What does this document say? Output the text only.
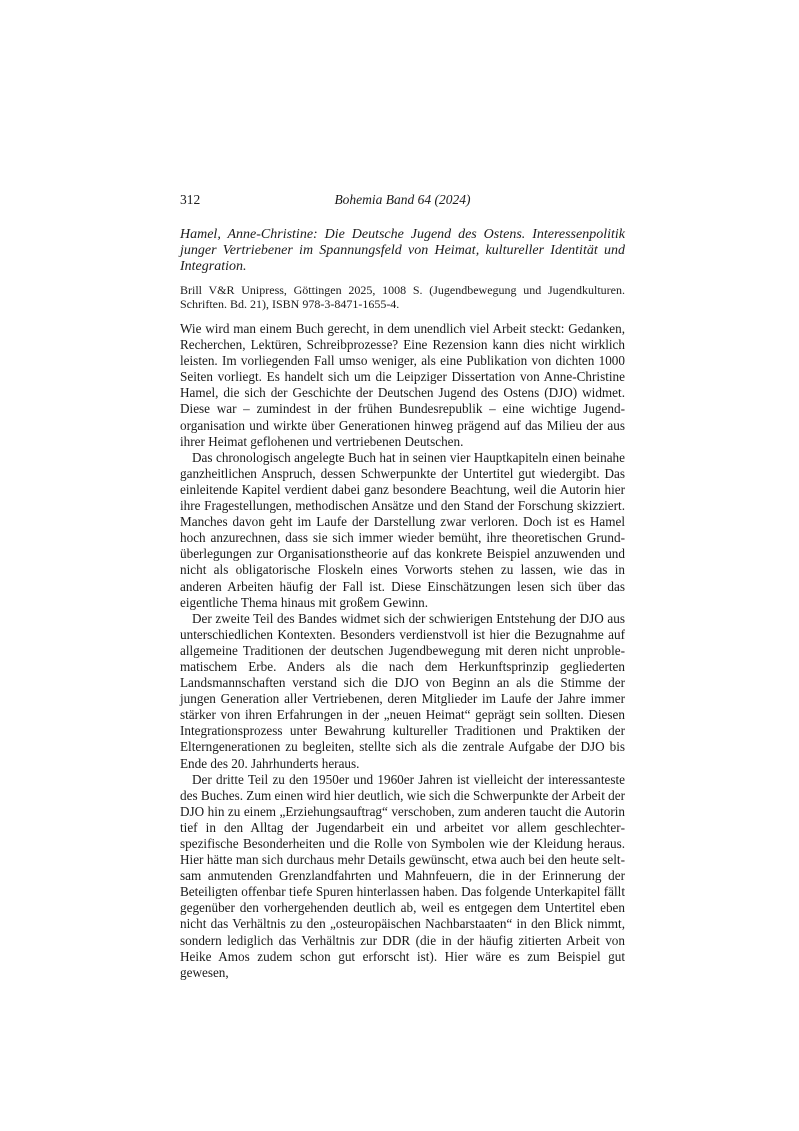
312	Bohemia Band 64 (2024)
Hamel, Anne-Christine: Die Deutsche Jugend des Ostens. Interessenpolitik junger Vertriebener im Spannungsfeld von Heimat, kultureller Identität und Integration.
Brill V&R Unipress, Göttingen 2025, 1008 S. (Jugendbewegung und Jugendkulturen. Schriften. Bd. 21), ISBN 978-3-8471-1655-4.

Wie wird man einem Buch gerecht, in dem unendlich viel Arbeit steckt: Gedanken, Recherchen, Lektüren, Schreibprozesse? Eine Rezension kann dies nicht wirklich leisten. Im vorliegenden Fall umso weniger, als eine Publikation von dichten 1000 Seiten vorliegt. Es handelt sich um die Leipziger Dissertation von Anne-Christine Hamel, die sich der Geschichte der Deutschen Jugend des Ostens (DJO) widmet. Diese war – zumindest in der frühen Bundesrepublik – eine wichtige Jugendorganisation und wirkte über Generationen hinweg prägend auf das Milieu der aus ihrer Heimat geflohenen und vertriebenen Deutschen.

Das chronologisch angelegte Buch hat in seinen vier Hauptkapiteln einen beinahe ganzheitlichen Anspruch, dessen Schwerpunkte der Untertitel gut wiedergibt. Das einleitende Kapitel verdient dabei ganz besondere Beachtung, weil die Autorin hier ihre Fragestellungen, methodischen Ansätze und den Stand der Forschung skizziert. Manches davon geht im Laufe der Darstellung zwar verloren. Doch ist es Hamel hoch anzurechnen, dass sie sich immer wieder bemüht, ihre theoretischen Grundüberlegungen zur Organisationstheorie auf das konkrete Beispiel anzuwenden und nicht als obligatorische Floskeln eines Vorworts stehen zu lassen, wie das in anderen Arbeiten häufig der Fall ist. Diese Einschätzungen lesen sich über das eigentliche Thema hinaus mit großem Gewinn.

Der zweite Teil des Bandes widmet sich der schwierigen Entstehung der DJO aus unterschiedlichen Kontexten. Besonders verdienstvoll ist hier die Bezugnahme auf allgemeine Traditionen der deutschen Jugendbewegung mit deren nicht unproblematischem Erbe. Anders als die nach dem Herkunftsprinzip gegliederten Landsmannschaften verstand sich die DJO von Beginn an als die Stimme der jungen Generation aller Vertriebenen, deren Mitglieder im Laufe der Jahre immer stärker von ihren Erfahrungen in der „neuen Heimat“ geprägt sein sollten. Diesen Integrationsprozess unter Bewahrung kultureller Traditionen und Praktiken der Elterngenerationen zu begleiten, stellte sich als die zentrale Aufgabe der DJO bis Ende des 20. Jahrhunderts heraus.

Der dritte Teil zu den 1950er und 1960er Jahren ist vielleicht der interessanteste des Buches. Zum einen wird hier deutlich, wie sich die Schwerpunkte der Arbeit der DJO hin zu einem „Erziehungsauftrag“ verschoben, zum anderen taucht die Autorin tief in den Alltag der Jugendarbeit ein und arbeitet vor allem geschlechterspezifische Besonderheiten und die Rolle von Symbolen wie der Kleidung heraus. Hier hätte man sich durchaus mehr Details gewünscht, etwa auch bei den heute seltsam anmutenden Grenzlandfahrten und Mahnfeuern, die in der Erinnerung der Beteiligten offenbar tiefe Spuren hinterlassen haben. Das folgende Unterkapitel fällt gegenüber den vorhergehenden deutlich ab, weil es entgegen dem Untertitel eben nicht das Verhältnis zu den „osteuropäischen Nachbarstaaten“ in den Blick nimmt, sondern lediglich das Verhältnis zur DDR (die in der häufig zitierten Arbeit von Heike Amos zudem schon gut erforscht ist). Hier wäre es zum Beispiel gut gewesen,
